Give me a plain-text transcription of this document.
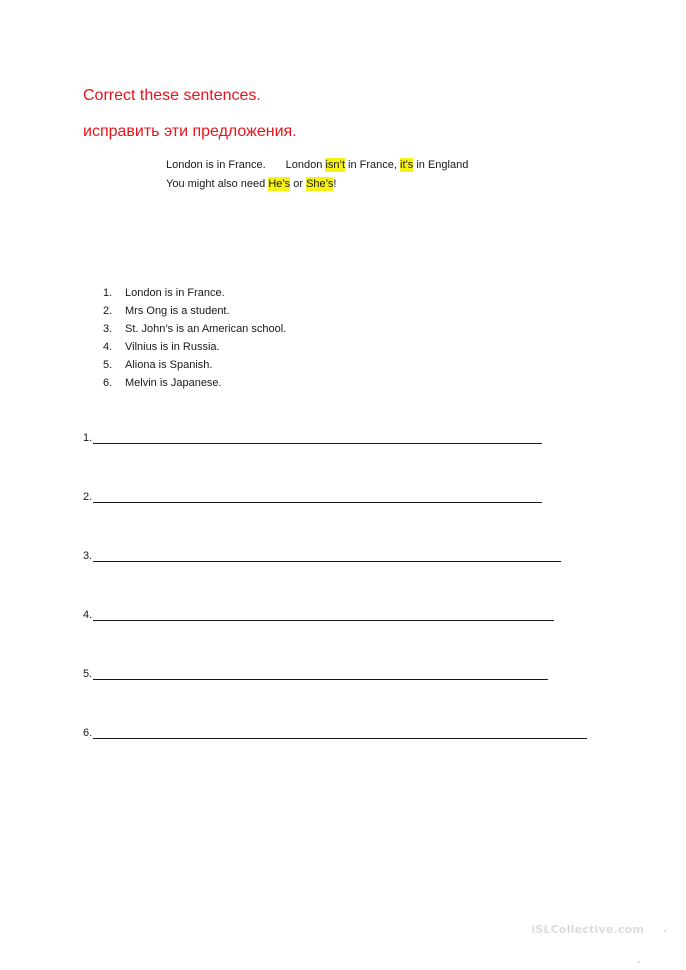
Correct these sentences.
исправить эти предложения.
London is in France. London isn’t in France, it’s in England
You might also need He’s or She’s!
1. London is in France.
2. Mrs Ong is a student.
3. St. John’s is an American school.
4. Vilnius is in Russia.
5. Aliona is Spanish.
6. Melvin is Japanese.
1.
2.
3.
4.
5.
6.
iSLCollective.com
